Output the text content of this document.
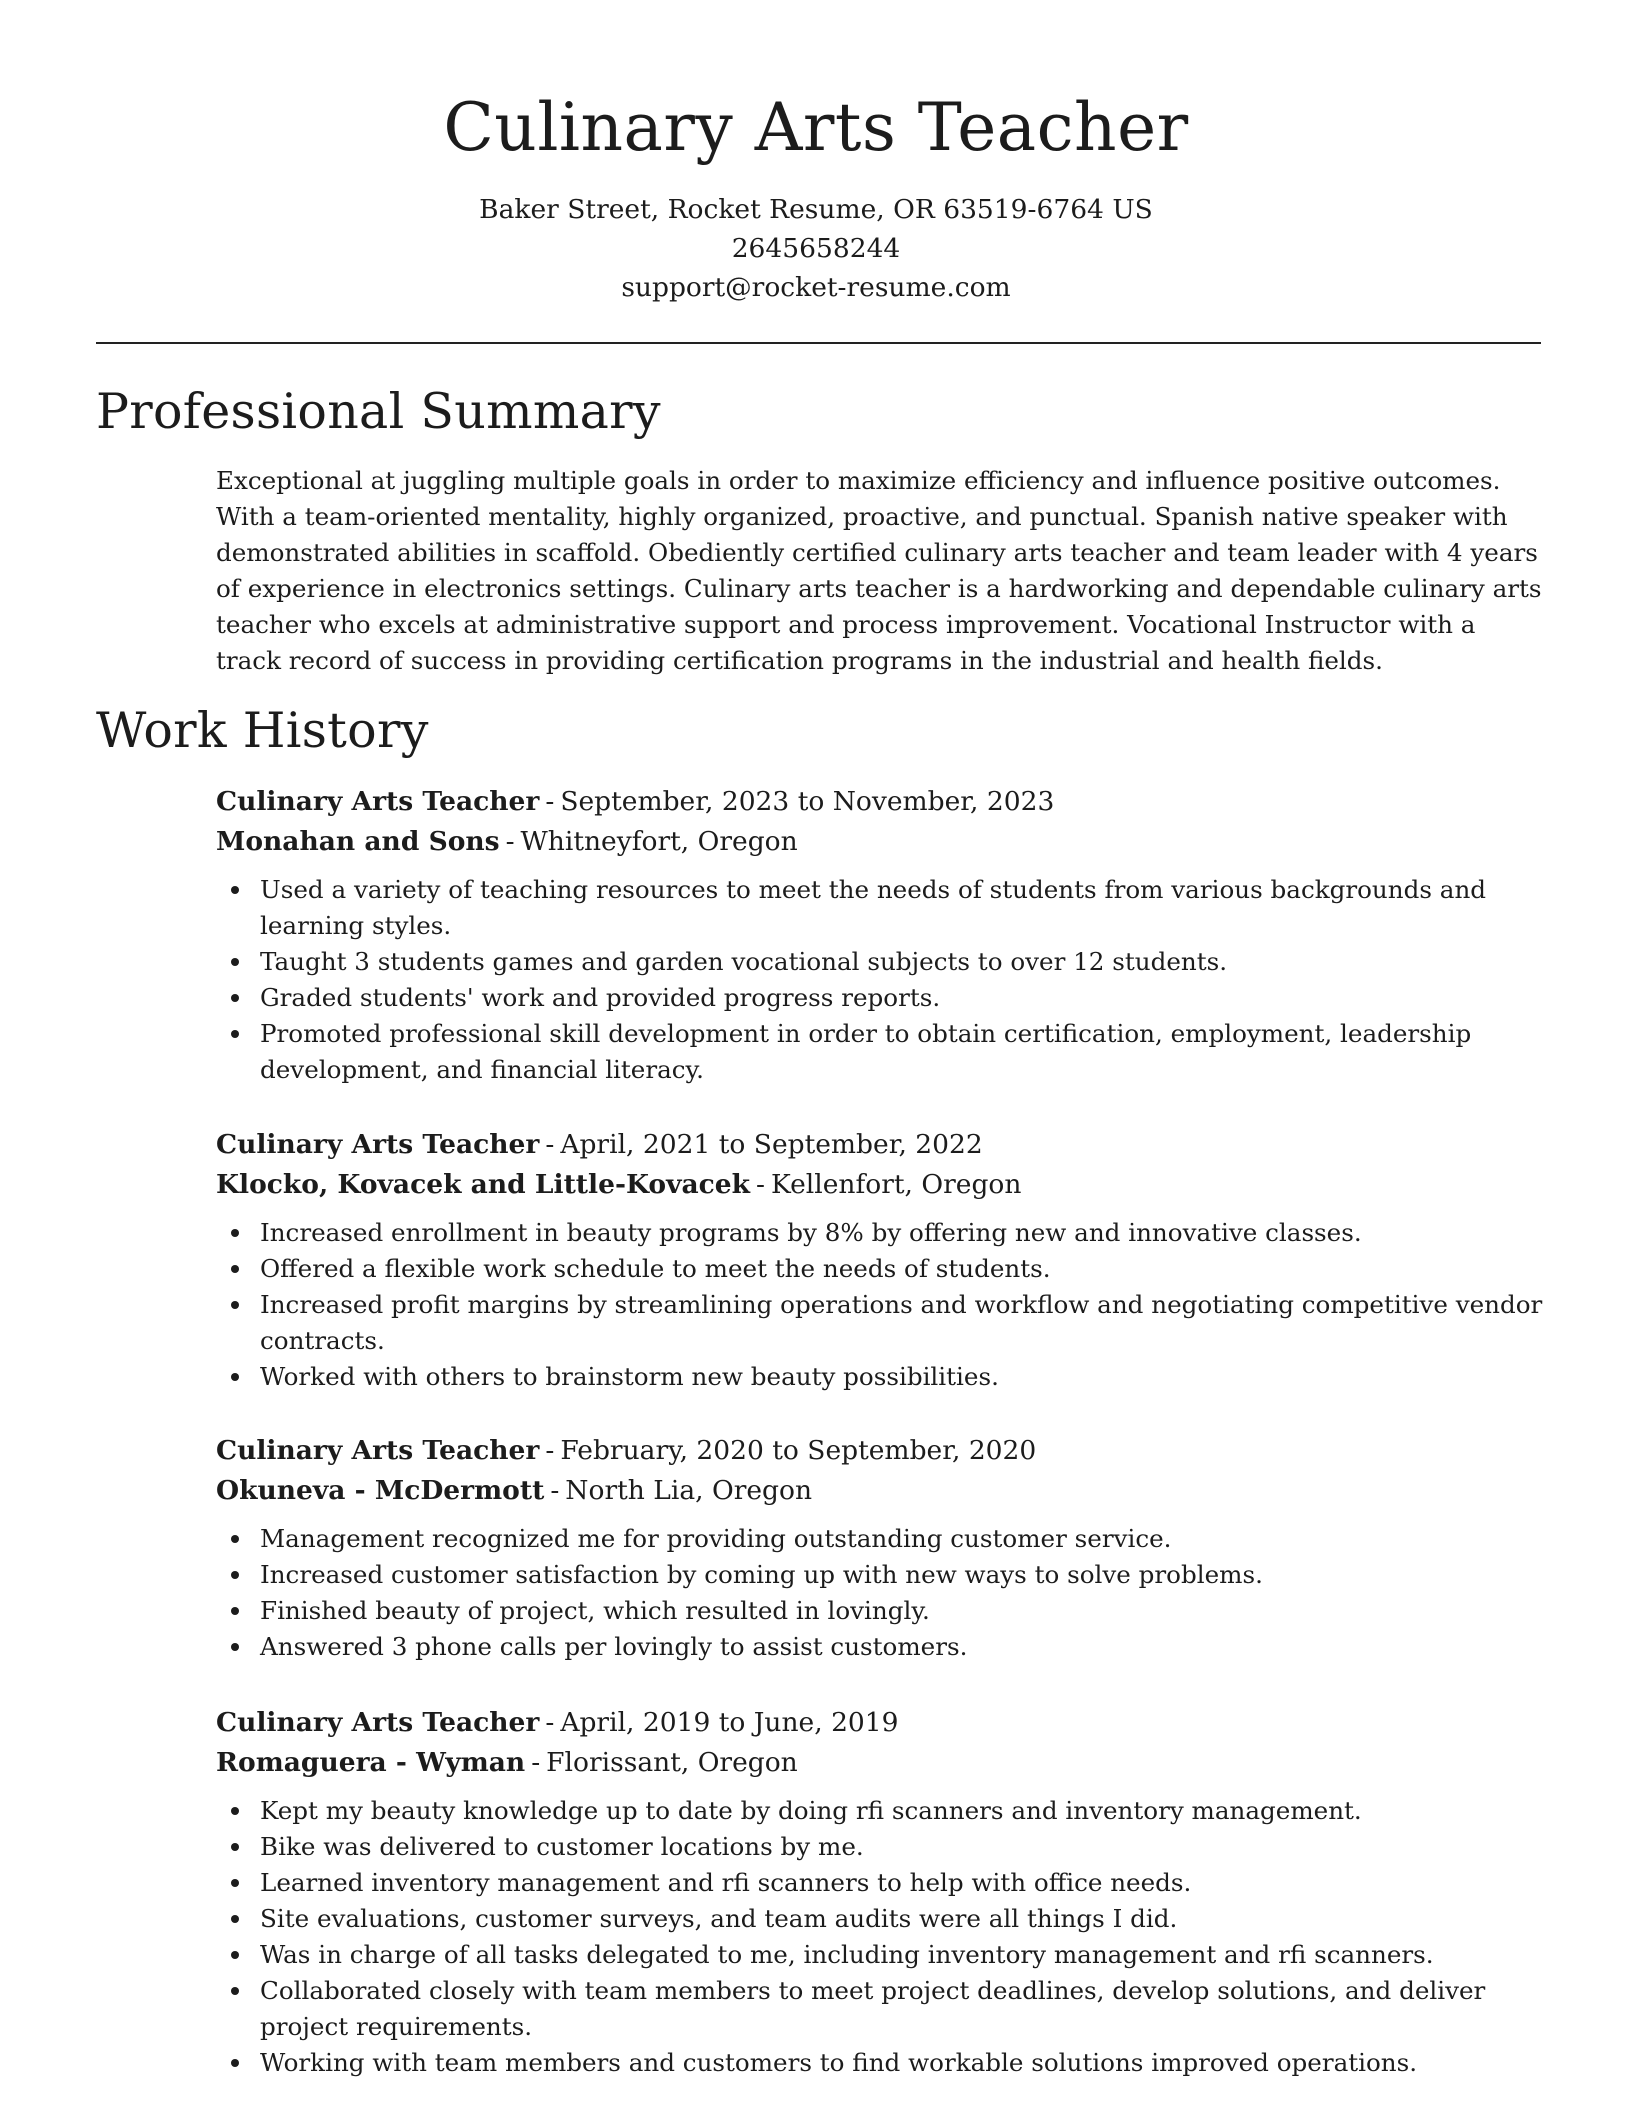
Culinary Arts Teacher
Baker Street, Rocket Resume, OR 63519-6764 US
2645658244
support@rocket-resume.com
Professional Summary
Exceptional at juggling multiple goals in order to maximize efficiency and influence positive outcomes. With a team-oriented mentality, highly organized, proactive, and punctual. Spanish native speaker with demonstrated abilities in scaffold. Obediently certified culinary arts teacher and team leader with 4 years of experience in electronics settings. Culinary arts teacher is a hardworking and dependable culinary arts teacher who excels at administrative support and process improvement. Vocational Instructor with a track record of success in providing certification programs in the industrial and health fields.
Work History
Culinary Arts Teacher - September, 2023 to November, 2023
Monahan and Sons - Whitneyfort, Oregon
Used a variety of teaching resources to meet the needs of students from various backgrounds and learning styles.
Taught 3 students games and garden vocational subjects to over 12 students.
Graded students' work and provided progress reports.
Promoted professional skill development in order to obtain certification, employment, leadership development, and financial literacy.
Culinary Arts Teacher - April, 2021 to September, 2022
Klocko, Kovacek and Little-Kovacek - Kellenfort, Oregon
Increased enrollment in beauty programs by 8% by offering new and innovative classes.
Offered a flexible work schedule to meet the needs of students.
Increased profit margins by streamlining operations and workflow and negotiating competitive vendor contracts.
Worked with others to brainstorm new beauty possibilities.
Culinary Arts Teacher - February, 2020 to September, 2020
Okuneva - McDermott - North Lia, Oregon
Management recognized me for providing outstanding customer service.
Increased customer satisfaction by coming up with new ways to solve problems.
Finished beauty of project, which resulted in lovingly.
Answered 3 phone calls per lovingly to assist customers.
Culinary Arts Teacher - April, 2019 to June, 2019
Romaguera - Wyman - Florissant, Oregon
Kept my beauty knowledge up to date by doing rfi scanners and inventory management.
Bike was delivered to customer locations by me.
Learned inventory management and rfi scanners to help with office needs.
Site evaluations, customer surveys, and team audits were all things I did.
Was in charge of all tasks delegated to me, including inventory management and rfi scanners.
Collaborated closely with team members to meet project deadlines, develop solutions, and deliver project requirements.
Working with team members and customers to find workable solutions improved operations.
